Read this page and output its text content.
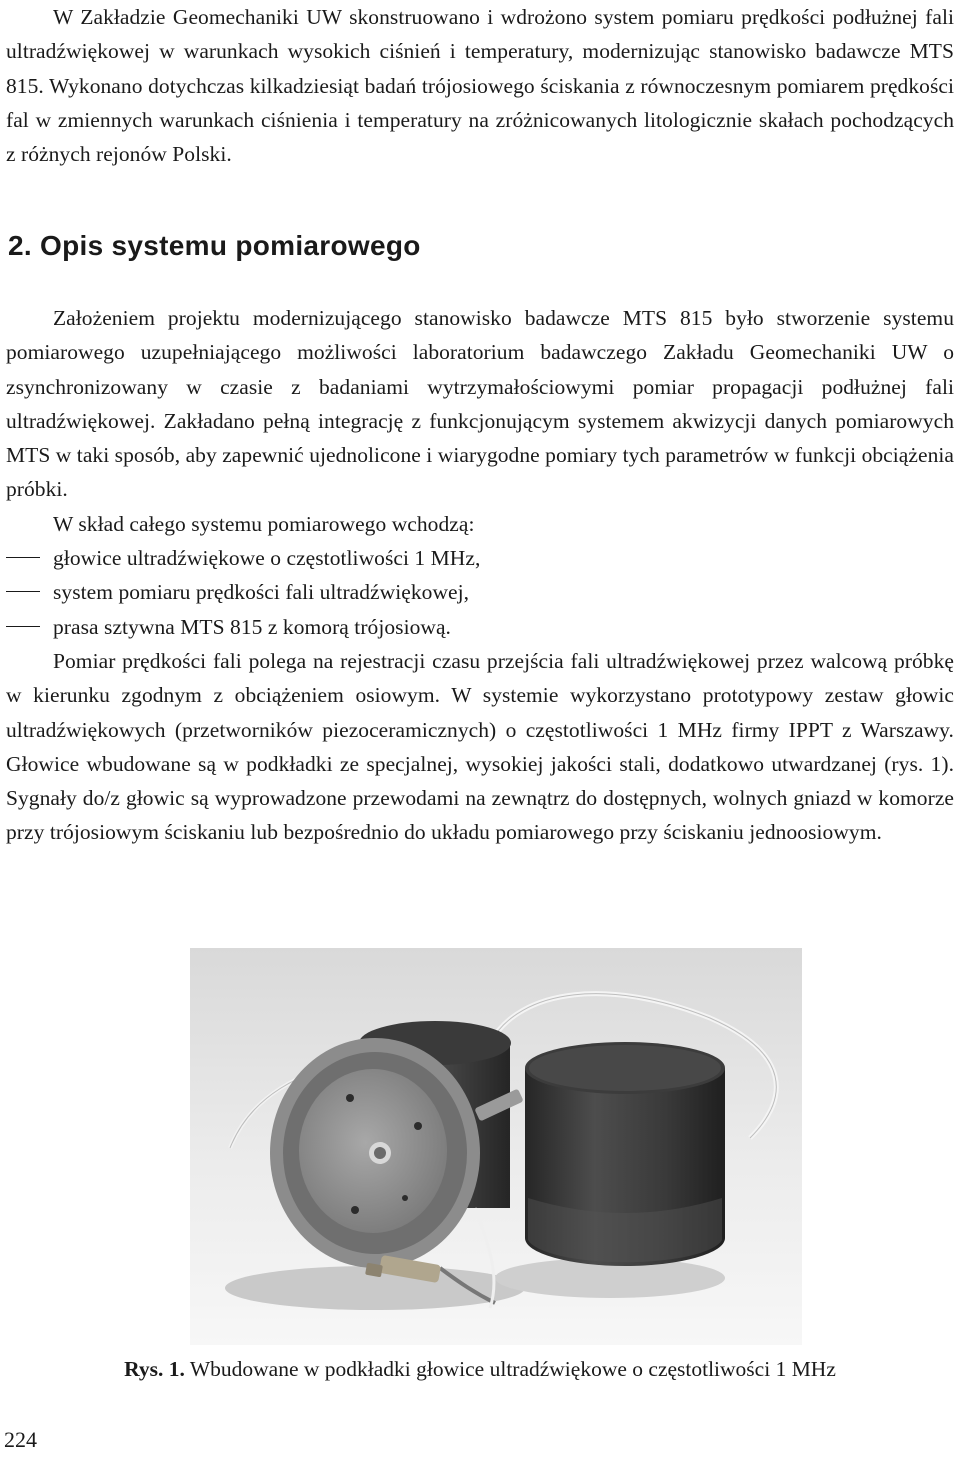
W Zakładzie Geomechaniki UW skonstruowano i wdrożono system pomiaru prędkości podłużnej fali ultradźwiękowej w warunkach wysokich ciśnień i temperatury, modernizując stanowisko badawcze MTS 815. Wykonano dotychczas kilkadziesiąt badań trójosiowego ściskania z równoczesnym pomiarem prędkości fal w zmiennych warunkach ciśnienia i temperatury na zróżnicowanych litologicznie skałach pochodzących z różnych rejonów Polski.

2. Opis systemu pomiarowego

Założeniem projektu modernizującego stanowisko badawcze MTS 815 było stworzenie systemu pomiarowego uzupełniającego możliwości laboratorium badawczego Zakładu Geomechaniki UW o zsynchronizowany w czasie z badaniami wytrzymałościowymi pomiar propagacji podłużnej fali ultradźwiękowej. Zakładano pełną integrację z funkcjonującym systemem akwizycji danych pomiarowych MTS w taki sposób, aby zapewnić ujednolicone i wiarygodne pomiary tych parametrów w funkcji obciążenia próbki.

W skład całego systemu pomiarowego wchodzą:

głowice ultradźwiękowe o częstotliwości 1 MHz,

system pomiaru prędkości fali ultradźwiękowej,

prasa sztywna MTS 815 z komorą trójosiową.

Pomiar prędkości fali polega na rejestracji czasu przejścia fali ultradźwiękowej przez walcową próbkę w kierunku zgodnym z obciążeniem osiowym. W systemie wykorzystano prototypowy zestaw głowic ultradźwiękowych (przetworników piezoceramicznych) o częstotliwości 1 MHz firmy IPPT z Warszawy. Głowice wbudowane są w podkładki ze specjalnej, wysokiej jakości stali, dodatkowo utwardzanej (rys. 1). Sygnały do/z głowic są wyprowadzone przewodami na zewnątrz do dostępnych, wolnych gniazd w komorze przy trójosiowym ściskaniu lub bezpośrednio do układu pomiarowego przy ściskaniu jednoosiowym.

Rys. 1. Wbudowane w podkładki głowice ultradźwiękowe o częstotliwości 1 MHz
224
